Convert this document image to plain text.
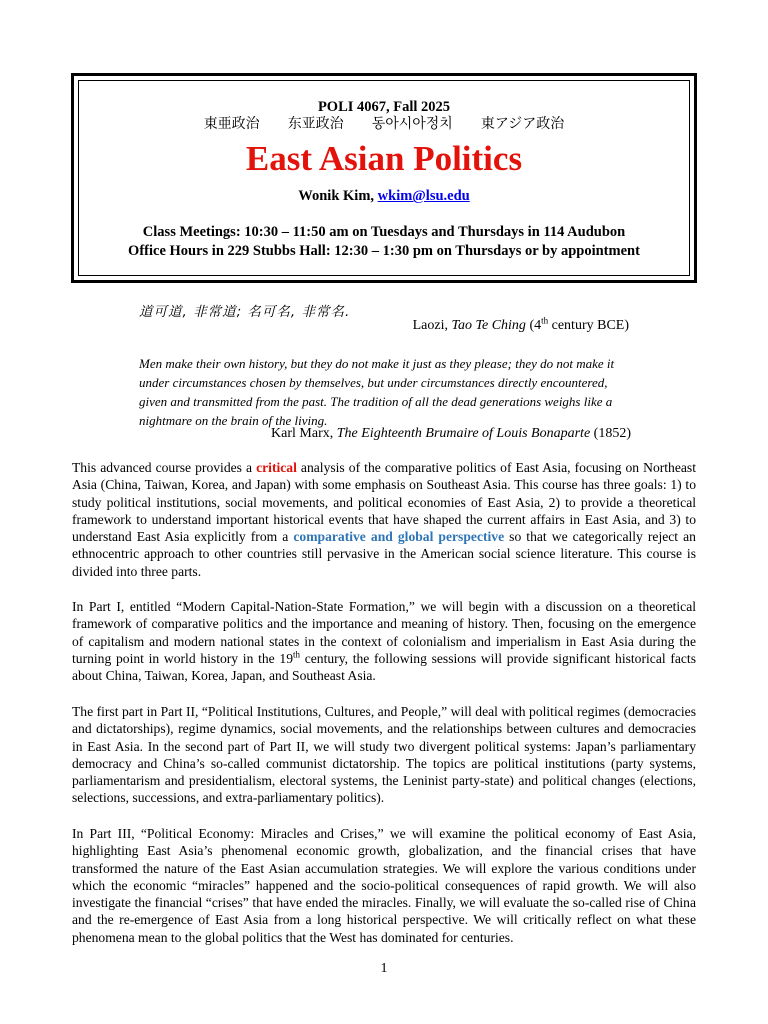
POLI 4067, Fall 2025
東亜政治 东亚政治 동아시아정치 東アジア政治
East Asian Politics
Wonik Kim, wkim@lsu.edu
Class Meetings: 10:30 – 11:50 am on Tuesdays and Thursdays in 114 Audubon
Office Hours in 229 Stubbs Hall: 12:30 – 1:30 pm on Thursdays or by appointment
道可道, 非常道; 名可名, 非常名.
Laozi, Tao Te Ching (4th century BCE)
Men make their own history, but they do not make it just as they please; they do not make it under circumstances chosen by themselves, but under circumstances directly encountered, given and transmitted from the past. The tradition of all the dead generations weighs like a nightmare on the brain of the living.
Karl Marx, The Eighteenth Brumaire of Louis Bonaparte (1852)

This advanced course provides a critical analysis of the comparative politics of East Asia, focusing on Northeast Asia (China, Taiwan, Korea, and Japan) with some emphasis on Southeast Asia. This course has three goals: 1) to study political institutions, social movements, and political economies of East Asia, 2) to provide a theoretical framework to understand important historical events that have shaped the current affairs in East Asia, and 3) to understand East Asia explicitly from a comparative and global perspective so that we categorically reject an ethnocentric approach to other countries still pervasive in the American social science literature. This course is divided into three parts.

In Part I, entitled “Modern Capital-Nation-State Formation,” we will begin with a discussion on a theoretical framework of comparative politics and the importance and meaning of history. Then, focusing on the emergence of capitalism and modern national states in the context of colonialism and imperialism in East Asia during the turning point in world history in the 19th century, the following sessions will provide significant historical facts about China, Taiwan, Korea, Japan, and Southeast Asia.

The first part in Part II, “Political Institutions, Cultures, and People,” will deal with political regimes (democracies and dictatorships), regime dynamics, social movements, and the relationships between cultures and democracies in East Asia. In the second part of Part II, we will study two divergent political systems: Japan’s parliamentary democracy and China’s so-called communist dictatorship. The topics are political institutions (party systems, parliamentarism and presidentialism, electoral systems, the Leninist party-state) and political changes (elections, selections, successions, and extra-parliamentary politics).

In Part III, “Political Economy: Miracles and Crises,” we will examine the political economy of East Asia, highlighting East Asia’s phenomenal economic growth, globalization, and the financial crises that have transformed the nature of the East Asian accumulation strategies. We will explore the various conditions under which the economic “miracles” happened and the socio-political consequences of rapid growth. We will also investigate the financial “crises” that have ended the miracles. Finally, we will evaluate the so-called rise of China and the re-emergence of East Asia from a long historical perspective. We will critically reflect on what these phenomena mean to the global politics that the West has dominated for centuries.

1
